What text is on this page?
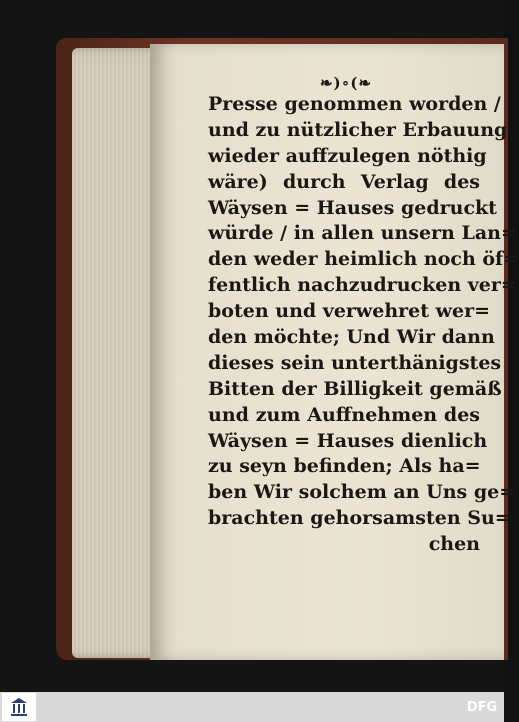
❧)∘(❧
Presse genommen worden /
und zu nützlicher Erbauung
wieder auffzulegen nöthig
wäre) durch Verlag des
Wäysen = Hauses gedruckt
würde / in allen unsern Lan=
den weder heimlich noch öf=
fentlich nachzudrucken ver=
boten und verwehret wer=
den möchte; Und Wir dann
dieses sein unterthänigstes
Bitten der Billigkeit gemäß
und zum Auffnehmen des
Wäysen = Hauses dienlich
zu seyn befinden; Als ha=
ben Wir solchem an Uns ge=
brachten gehorsamsten Su=
chen
DFG
